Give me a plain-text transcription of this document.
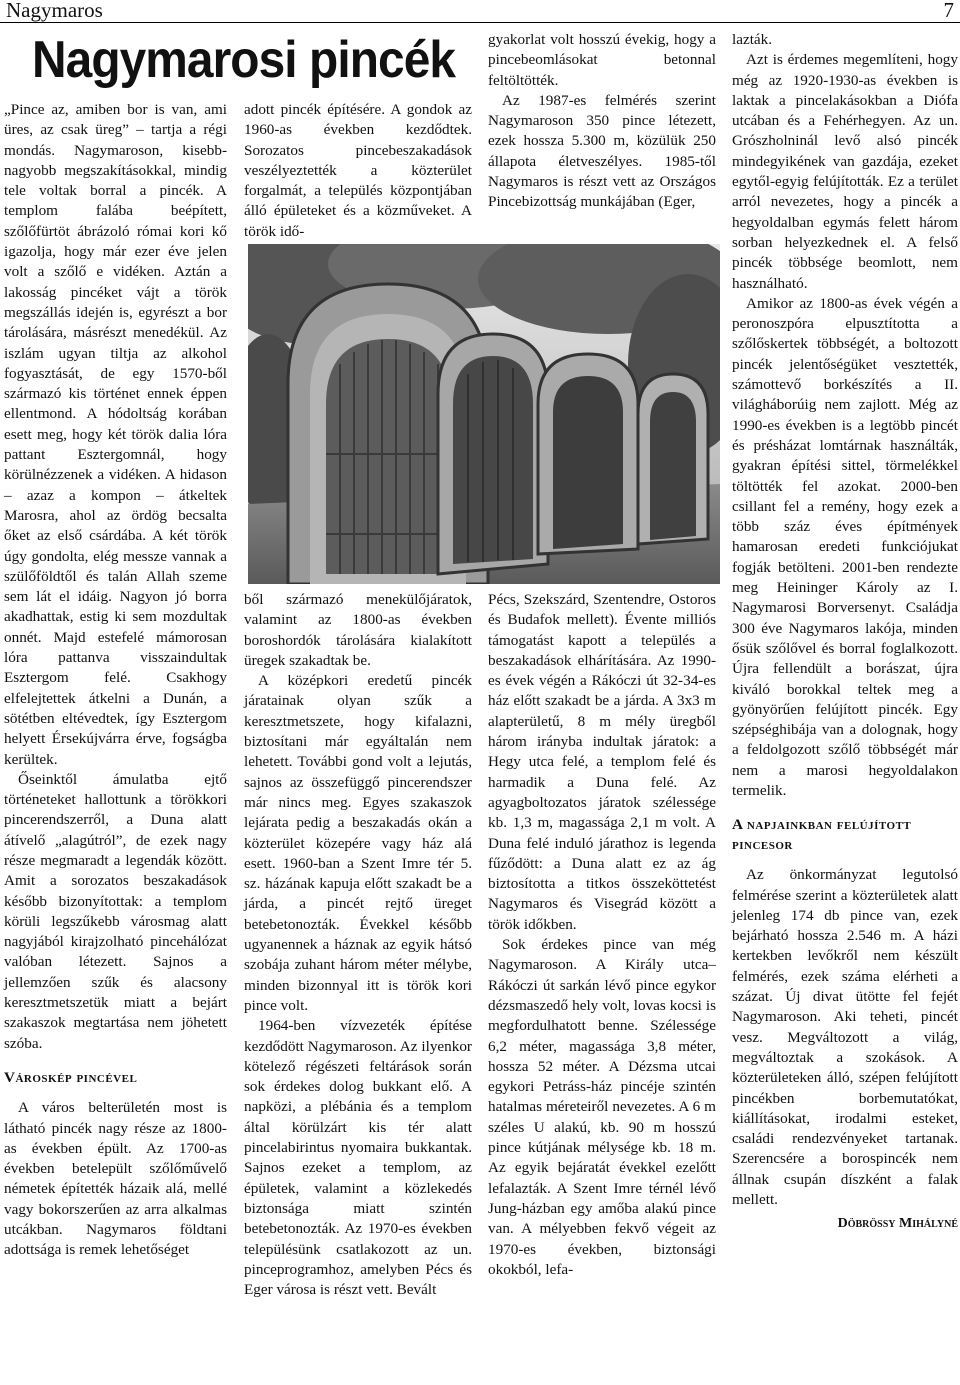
Nagymaros	7
Nagymarosi pincék

„Pince az, amiben bor is van, ami üres, az csak üreg” – tartja a régi mondás. Nagymaroson, kisebb-nagyobb megszakításokkal, mindig tele voltak borral a pincék. A templom falába beépített, szőlőfürtöt ábrázoló római kori kő igazolja, hogy már ezer éve jelen volt a szőlő e vidéken. Aztán a lakosság pincéket vájt a török megszállás idején is, egyrészt a bor tárolására, másrészt menedékül. Az iszlám ugyan tiltja az alkohol fogyasztását, de egy 1570-ből származó kis történet ennek éppen ellentmond. A hódoltság korában esett meg, hogy két török dalia lóra pattant Esztergomnál, hogy körülnézzenek a vidéken. A hidason – azaz a kompon – átkeltek Marosra, ahol az ördög becsalta őket az első csárdába. A két török úgy gondolta, elég messze vannak a szülőföldtől és talán Allah szeme sem lát el idáig. Nagyon jó borra akadhattak, estig ki sem mozdultak onnét. Majd estefelé mámorosan lóra pattanva visszaindultak Esztergom felé. Csakhogy elfelejtettek átkelni a Dunán, a sötétben eltévedtek, így Esztergom helyett Érsekújvárra érve, fogságba kerültek.

Őseinktől ámulatba ejtő történeteket hallottunk a törökkori pincerendszerről, a Duna alatt átívelő „alagútról”, de ezek nagy része megmaradt a legendák között. Amit a sorozatos beszakadások később bizonyítottak: a templom körüli legszűkebb városmag alatt nagyjából kirajzolható pincehálózat valóban létezett. Sajnos a jellemzően szűk és alacsony keresztmetszetük miatt a bejárt szakaszok megtartása nem jöhetett szóba.

Városkép pincével

A város belterületén most is látható pincék nagy része az 1800-as években épült. Az 1700-as években betelepült szőlőművelő németek építették házaik alá, mellé vagy bokorszerűen az arra alkalmas utcákban. Nagymaros földtani adottsága is remek lehetőséget

adott pincék építésére. A gondok az 1960-as években kezdődtek. Sorozatos pincebeszakadások veszélyeztették a közterület forgalmát, a település központjában álló épületeket és a közműveket. A török idő-

gyakorlat volt hosszú évekig, hogy a pincebeomlásokat betonnal feltöltötték.

Az 1987-es felmérés szerint Nagymaroson 350 pince létezett, ezek hossza 5.300 m, közülük 250 állapota életveszélyes. 1985-től Nagymaros is részt vett az Országos Pincebizottság munkájában (Eger,

ből származó menekülőjáratok, valamint az 1800-as években boroshordók tárolására kialakított üregek szakadtak be.

A középkori eredetű pincék járatainak olyan szűk a keresztmetszete, hogy kifalazni, biztosítani már egyáltalán nem lehetett. További gond volt a lejutás, sajnos az összefüggő pincerendszer már nincs meg. Egyes szakaszok lejárata pedig a beszakadás okán a közterület közepére vagy ház alá esett. 1960-ban a Szent Imre tér 5. sz. házának kapuja előtt szakadt be a járda, a pincét rejtő üreget betebetonozták. Évekkel később ugyanennek a háznak az egyik hátsó szobája zuhant három méter mélybe, minden bizonnyal itt is török kori pince volt.

1964-ben vízvezeték építése kezdődött Nagymaroson. Az ilyenkor kötelező régészeti feltárások során sok érdekes dolog bukkant elő. A napközi, a plébánia és a templom által körülzárt kis tér alatt pincelabirintus nyomaira bukkantak. Sajnos ezeket a templom, az épületek, valamint a közlekedés biztonsága miatt szintén betebetonozták. Az 1970-es években településünk csatlakozott az un. pinceprogramhoz, amelyben Pécs és Eger városa is részt vett. Bevált

Pécs, Szekszárd, Szentendre, Ostoros és Budafok mellett). Évente milliós támogatást kapott a település a beszakadások elhárítására. Az 1990-es évek végén a Rákóczi út 32-34-es ház előtt szakadt be a járda. A 3x3 m alapterületű, 8 m mély üregből három irányba indultak járatok: a Hegy utca felé, a templom felé és harmadik a Duna felé. Az agyagboltozatos járatok szélessége kb. 1,3 m, magassága 2,1 m volt. A Duna felé induló járathoz is legenda fűződött: a Duna alatt ez az ág biztosította a titkos összeköttetést Nagymaros és Visegrád között a török időkben.

Sok érdekes pince van még Nagymaroson. A Király utca–Rákóczi út sarkán lévő pince egykor dézsmaszedő hely volt, lovas kocsi is megfordulhatott benne. Szélessége 6,2 méter, magassága 3,8 méter, hossza 52 méter. A Dézsma utcai egykori Petráss-ház pincéje szintén hatalmas méreteiről nevezetes. A 6 m széles U alakú, kb. 90 m hosszú pince kútjának mélysége kb. 18 m. Az egyik bejáratát évekkel ezelőtt lefalazták. A Szent Imre térnél lévő Jung-házban egy amőba alakú pince van. A mélyebben fekvő végeit az 1970-es években, biztonsági okokból, lefa-

lazták.

Azt is érdemes megemlíteni, hogy még az 1920-1930-as években is laktak a pincelakásokban a Diófa utcában és a Fehérhegyen. Az un. Grószholninál levő alsó pincék mindegyikének van gazdája, ezeket egytől-egyig felújították. Ez a terület arról nevezetes, hogy a pincék a hegyoldalban egymás felett három sorban helyezkednek el. A felső pincék többsége beomlott, nem használható.

Amikor az 1800-as évek végén a peronoszpóra elpusztította a szőlőskertek többségét, a boltozott pincék jelentőségüket vesztették, számottevő borkészítés a II. világháborúig nem zajlott. Még az 1990-es években is a legtöbb pincét és présházat lomtárnak használták, gyakran építési sittel, törmelékkel töltötték fel azokat. 2000-ben csillant fel a remény, hogy ezek a több száz éves építmények hamarosan eredeti funkciójukat fogják betölteni. 2001-ben rendezte meg Heininger Károly az I. Nagymarosi Borversenyt. Családja 300 éve Nagymaros lakója, minden ősük szőlővel és borral foglalkozott. Újra fellendült a borászat, újra kiváló borokkal teltek meg a gyönyörűen felújított pincék. Egy szépséghibája van a dolognak, hogy a feldolgozott szőlő többségét már nem a marosi hegyoldalakon termelik.

A napjainkban felújított pincesor

Az önkormányzat legutolsó felmérése szerint a közterületek alatt jelenleg 174 db pince van, ezek bejárható hossza 2.546 m. A házi kertekben levőkről nem készült felmérés, ezek száma elérheti a százat. Új divat ütötte fel fejét Nagymaroson. Aki teheti, pincét vesz. Megváltozott a világ, megváltoztak a szokások. A közterületeken álló, szépen felújított pincékben borbemutatókat, kiállításokat, irodalmi esteket, családi rendezvényeket tartanak. Szerencsére a borospincék nem állnak csupán díszként a falak mellett.

Döbrössy Mihályné
